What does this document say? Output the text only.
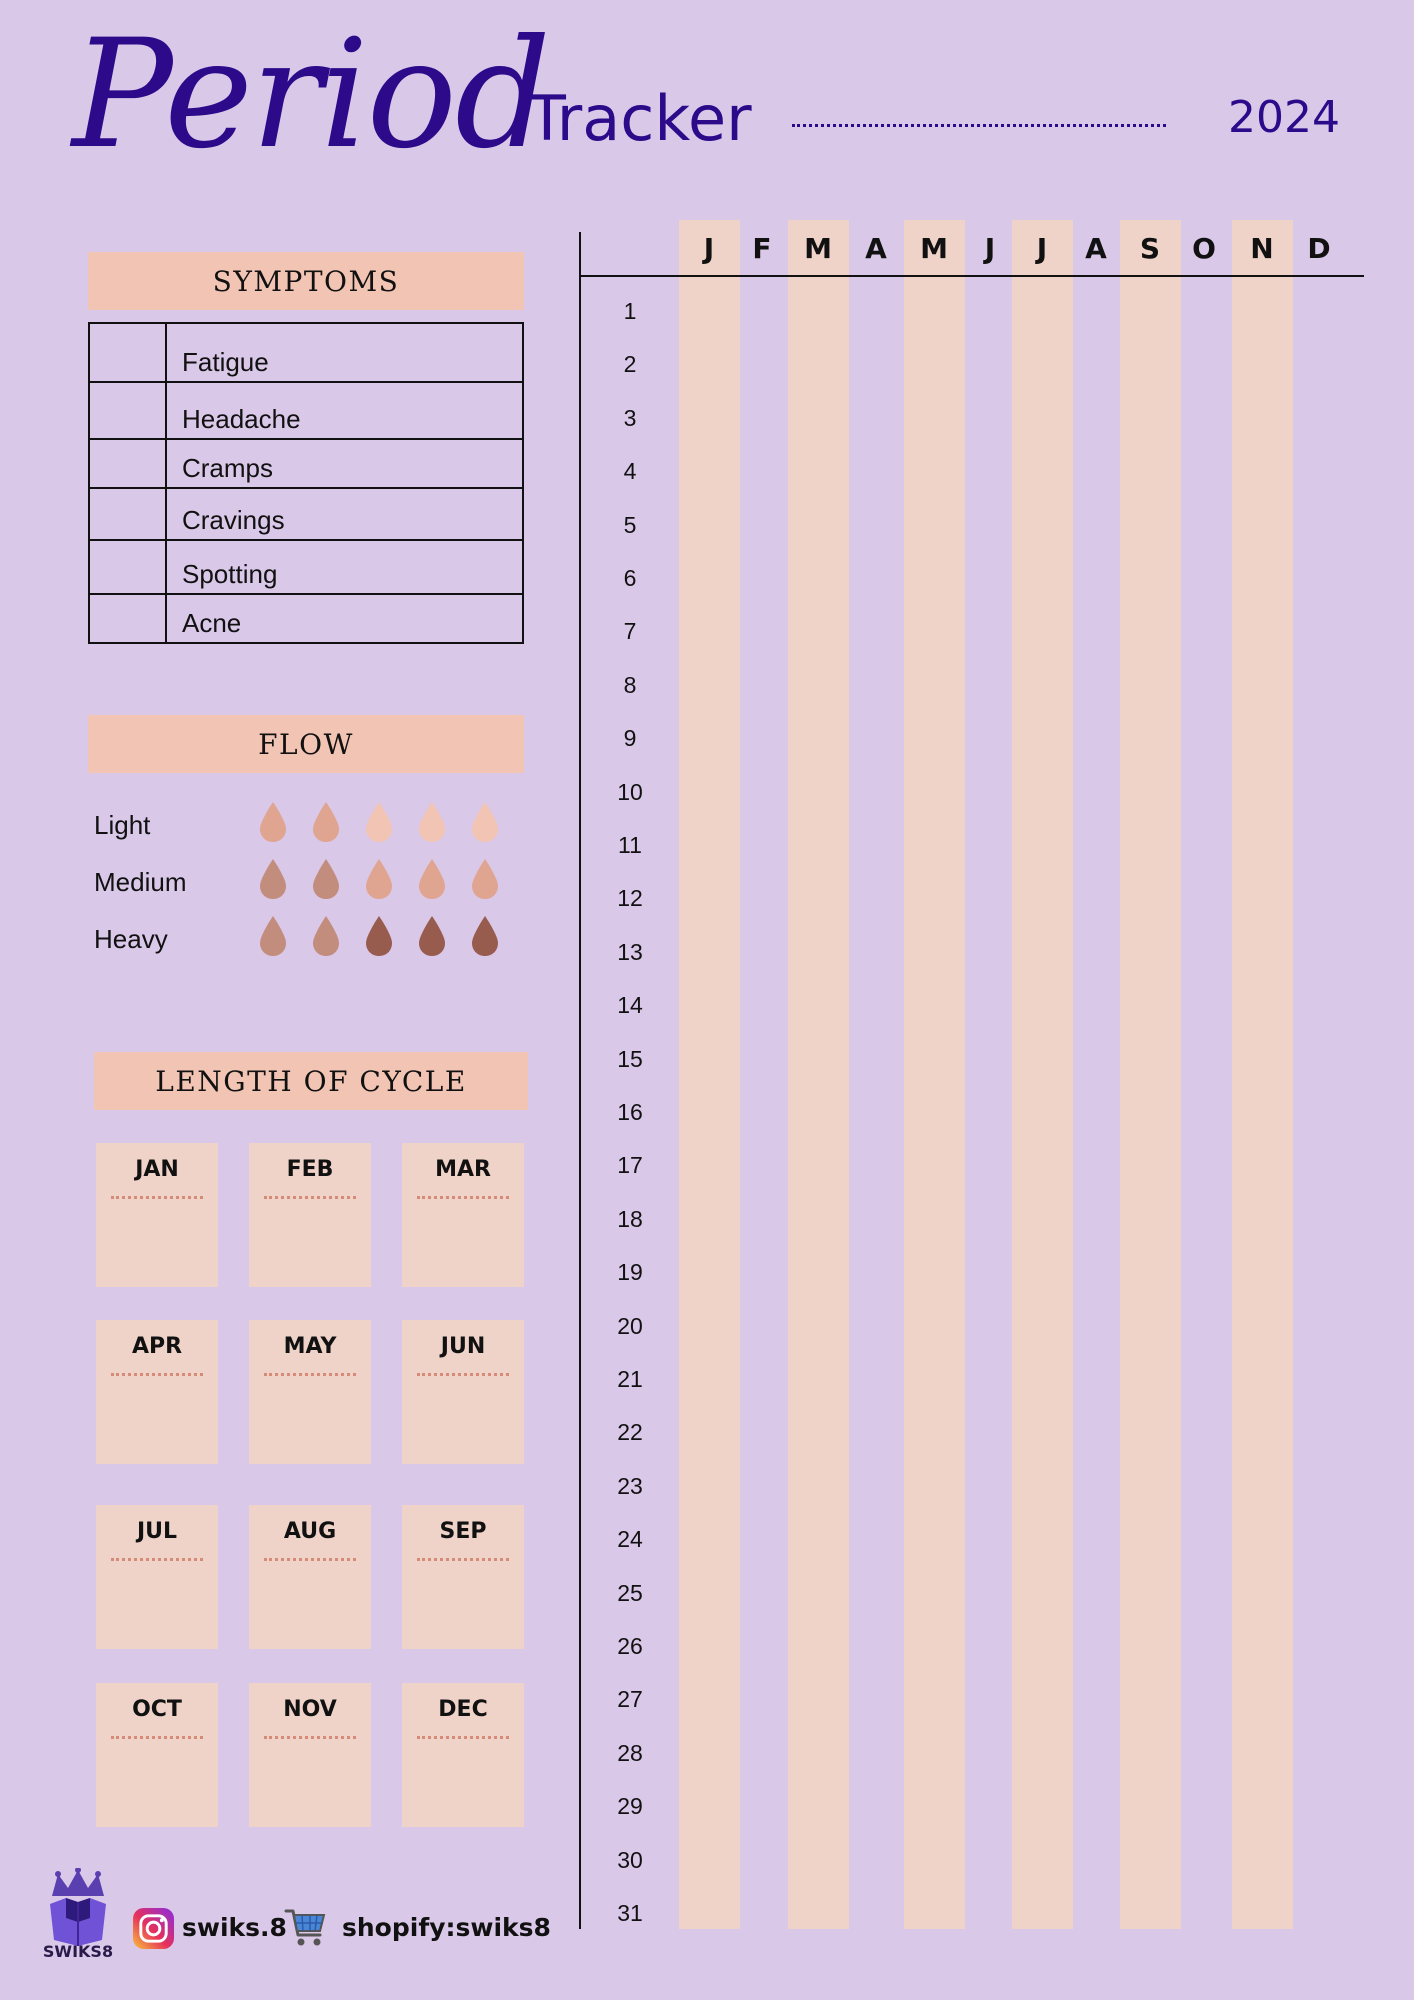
Period
Tracker	2024
SYMPTOMS
Fatigue
Headache
Cramps
Cravings
Spotting
Acne
FLOW
Light
Medium
Heavy
LENGTH OF CYCLE
JAN	FEB	MAR
APR	MAY	JUN
JUL	AUG	SEP
OCT	NOV	DEC
J	F	M	A	M	J	J	A	S	O	N	D
1
2
3
4
5
6
7
8
9
10
11
12
13
14
15
16
17
18
19
20
21
22
23
24
25
26
27
28
29
30
31
SWIKS8
swiks.8 shopify:swiks8
